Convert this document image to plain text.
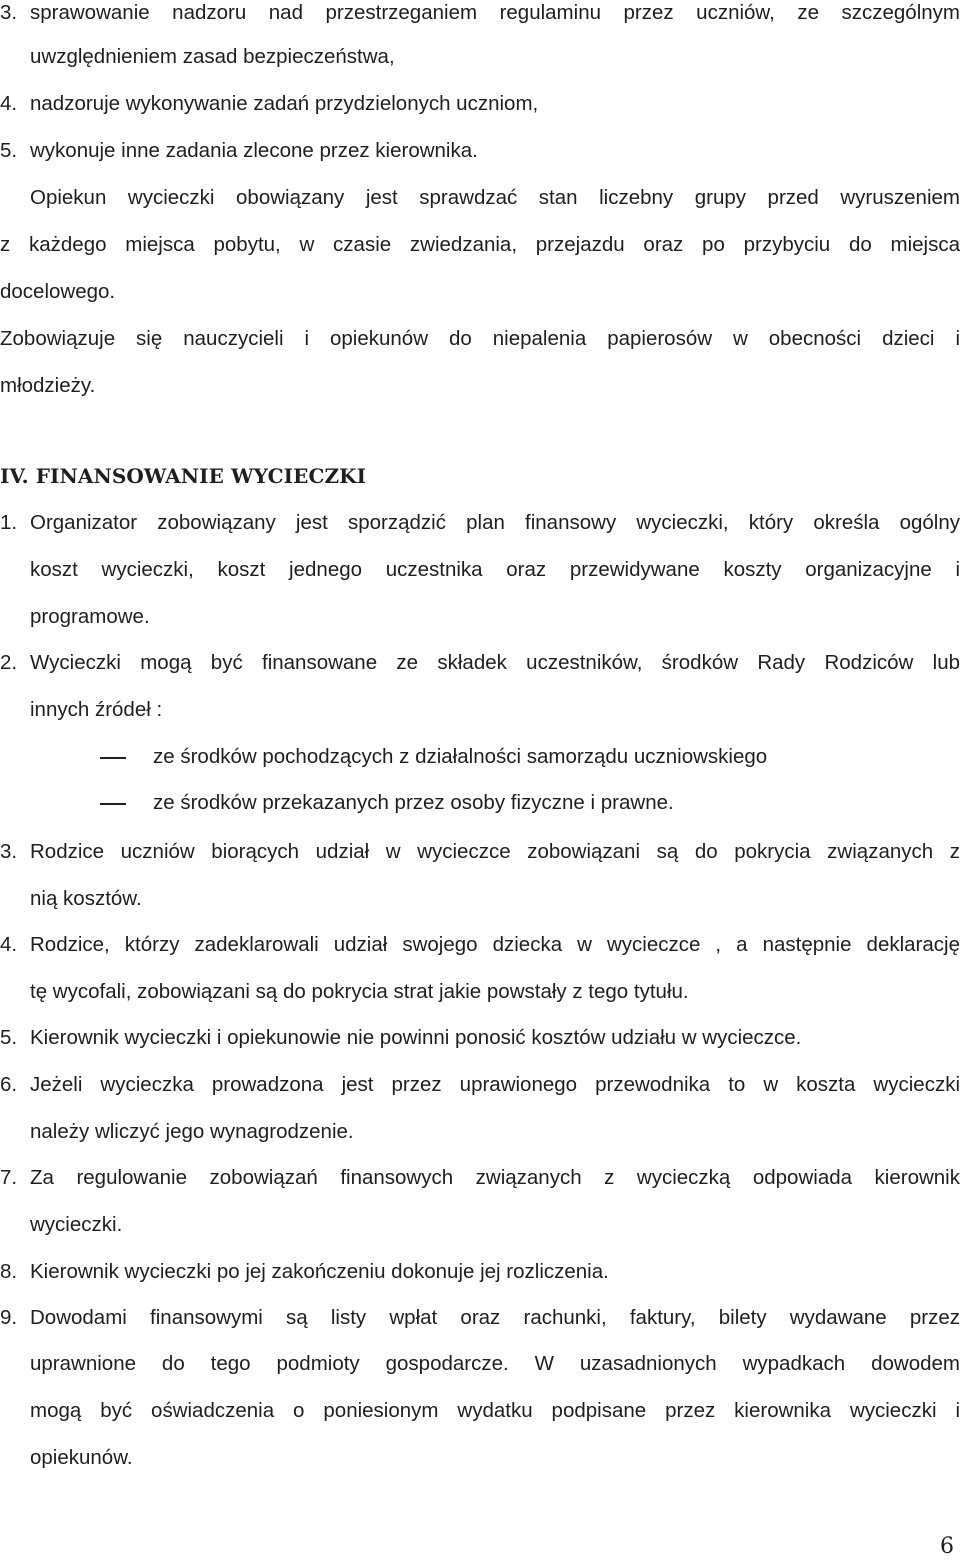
3. sprawowanie nadzoru nad przestrzeganiem regulaminu przez uczniów, ze szczególnym

uwzględnieniem zasad bezpieczeństwa,

4. nadzoruje wykonywanie zadań przydzielonych uczniom,

5. wykonuje inne zadania zlecone przez kierownika.

Opiekun wycieczki obowiązany jest sprawdzać stan liczebny grupy przed wyruszeniem

z każdego miejsca pobytu, w czasie zwiedzania, przejazdu oraz po przybyciu do miejsca

docelowego.

Zobowiązuje się nauczycieli i opiekunów do niepalenia papierosów w obecności dzieci i

młodzieży.

IV. FINANSOWANIE WYCIECZKI
1. Organizator zobowiązany jest sporządzić plan finansowy wycieczki, który określa ogólny

koszt wycieczki, koszt jednego uczestnika oraz przewidywane koszty organizacyjne i

programowe.

2. Wycieczki mogą być finansowane ze składek uczestników, środków Rady Rodziców lub

innych źródeł :

ze środków pochodzących z działalności samorządu uczniowskiego
ze środków przekazanych przez osoby fizyczne i prawne.
3. Rodzice uczniów biorących udział w wycieczce zobowiązani są do pokrycia związanych z

nią kosztów.

4. Rodzice, którzy zadeklarowali udział swojego dziecka w wycieczce , a następnie deklarację

tę wycofali, zobowiązani są do pokrycia strat jakie powstały z tego tytułu.

5. Kierownik wycieczki i opiekunowie nie powinni ponosić kosztów udziału w wycieczce.

6. Jeżeli wycieczka prowadzona jest przez uprawionego przewodnika to w koszta wycieczki

należy wliczyć jego wynagrodzenie.

7. Za regulowanie zobowiązań finansowych związanych z wycieczką odpowiada kierownik

wycieczki.

8. Kierownik wycieczki po jej zakończeniu dokonuje jej rozliczenia.

9. Dowodami finansowymi są listy wpłat oraz rachunki, faktury, bilety wydawane przez

uprawnione do tego podmioty gospodarcze. W uzasadnionych wypadkach dowodem

mogą być oświadczenia o poniesionym wydatku podpisane przez kierownika wycieczki i

opiekunów.

6
